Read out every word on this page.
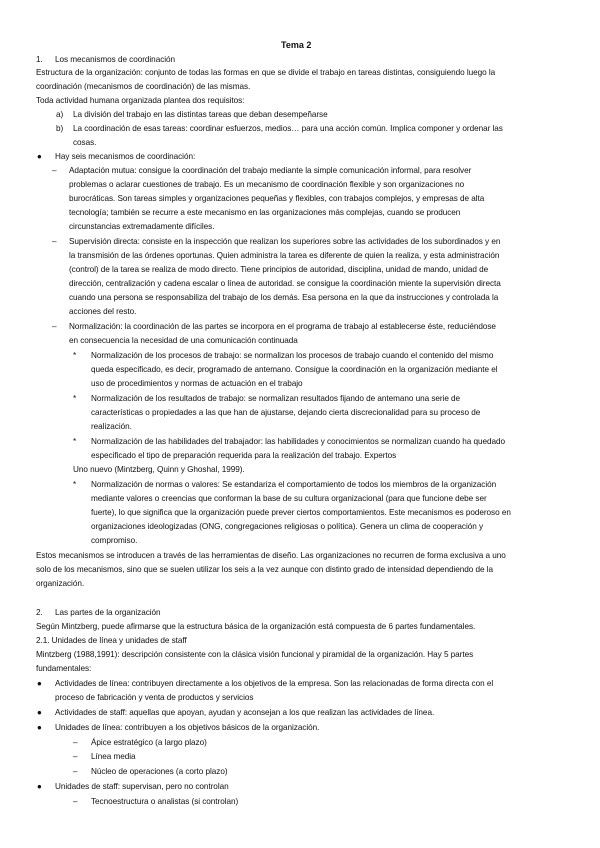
Tema 2
1. Los mecanismos de coordinación
Estructura de la organización: conjunto de todas las formas en que se divide el trabajo en tareas distintas, consiguiendo luego la
coordinación (mecanismos de coordinación) de las mismas.
Toda actividad humana organizada plantea dos requisitos:
a) La división del trabajo en las distintas tareas que deban desempeñarse
b) La coordinación de esas tareas: coordinar esfuerzos, medios… para una acción común. Implica componer y ordenar las
cosas.
● Hay seis mecanismos de coordinación:
– Adaptación mutua: consigue la coordinación del trabajo mediante la simple comunicación informal, para resolver
problemas o aclarar cuestiones de trabajo. Es un mecanismo de coordinación flexible y son organizaciones no
burocráticas. Son tareas simples y organizaciones pequeñas y flexibles, con trabajos complejos, y empresas de alta
tecnología; también se recurre a este mecanismo en las organizaciones más complejas, cuando se producen
circunstancias extremadamente difíciles.
– Supervisión directa: consiste en la inspección que realizan los superiores sobre las actividades de los subordinados y en
la transmisión de las órdenes oportunas. Quien administra la tarea es diferente de quien la realiza, y esta administración
(control) de la tarea se realiza de modo directo. Tiene principios de autoridad, disciplina, unidad de mando, unidad de
dirección, centralización y cadena escalar o línea de autoridad. se consigue la coordinación miente la supervisión directa
cuando una persona se responsabiliza del trabajo de los demás. Esa persona en la que da instrucciones y controlada la
acciones del resto.
– Normalización: la coordinación de las partes se incorpora en el programa de trabajo al establecerse éste, reduciéndose
en consecuencia la necesidad de una comunicación continuada
* Normalización de los procesos de trabajo: se normalizan los procesos de trabajo cuando el contenido del mismo
queda especificado, es decir, programado de antemano. Consigue la coordinación en la organización mediante el
uso de procedimientos y normas de actuación en el trabajo
* Normalización de los resultados de trabajo: se normalizan resultados fijando de antemano una serie de
características o propiedades a las que han de ajustarse, dejando cierta discrecionalidad para su proceso de
realización.
* Normalización de las habilidades del trabajador: las habilidades y conocimientos se normalizan cuando ha quedado
especificado el tipo de preparación requerida para la realización del trabajo. Expertos
Uno nuevo (Mintzberg, Quinn y Ghoshal, 1999).
* Normalización de normas o valores: Se estandariza el comportamiento de todos los miembros de la organización
mediante valores o creencias que conforman la base de su cultura organizacional (para que funcione debe ser
fuerte), lo que significa que la organización puede prever ciertos comportamientos. Este mecanismos es poderoso en
organizaciones ideologizadas (ONG, congregaciones religiosas o política). Genera un clima de cooperación y
compromiso.
Estos mecanismos se introducen a través de las herramientas de diseño. Las organizaciones no recurren de forma exclusiva a uno
solo de los mecanismos, sino que se suelen utilizar los seis a la vez aunque con distinto grado de intensidad dependiendo de la
organización.
2. Las partes de la organización
Según Mintzberg, puede afirmarse que la estructura básica de la organización está compuesta de 6 partes fundamentales.
2.1. Unidades de línea y unidades de staff
Mintzberg (1988,1991): descripción consistente con la clásica visión funcional y piramidal de la organización. Hay 5 partes
fundamentales:
● Actividades de línea: contribuyen directamente a los objetivos de la empresa. Son las relacionadas de forma directa con el
proceso de fabricación y venta de productos y servicios
● Actividades de staff: aquellas que apoyan, ayudan y aconsejan a los que realizan las actividades de línea.
● Unidades de línea: contribuyen a los objetivos básicos de la organización.
– Ápice estratégico (a largo plazo)
– Línea media
– Núcleo de operaciones (a corto plazo)
● Unidades de staff: supervisan, pero no controlan
– Tecnoestructura o analistas (si controlan)
